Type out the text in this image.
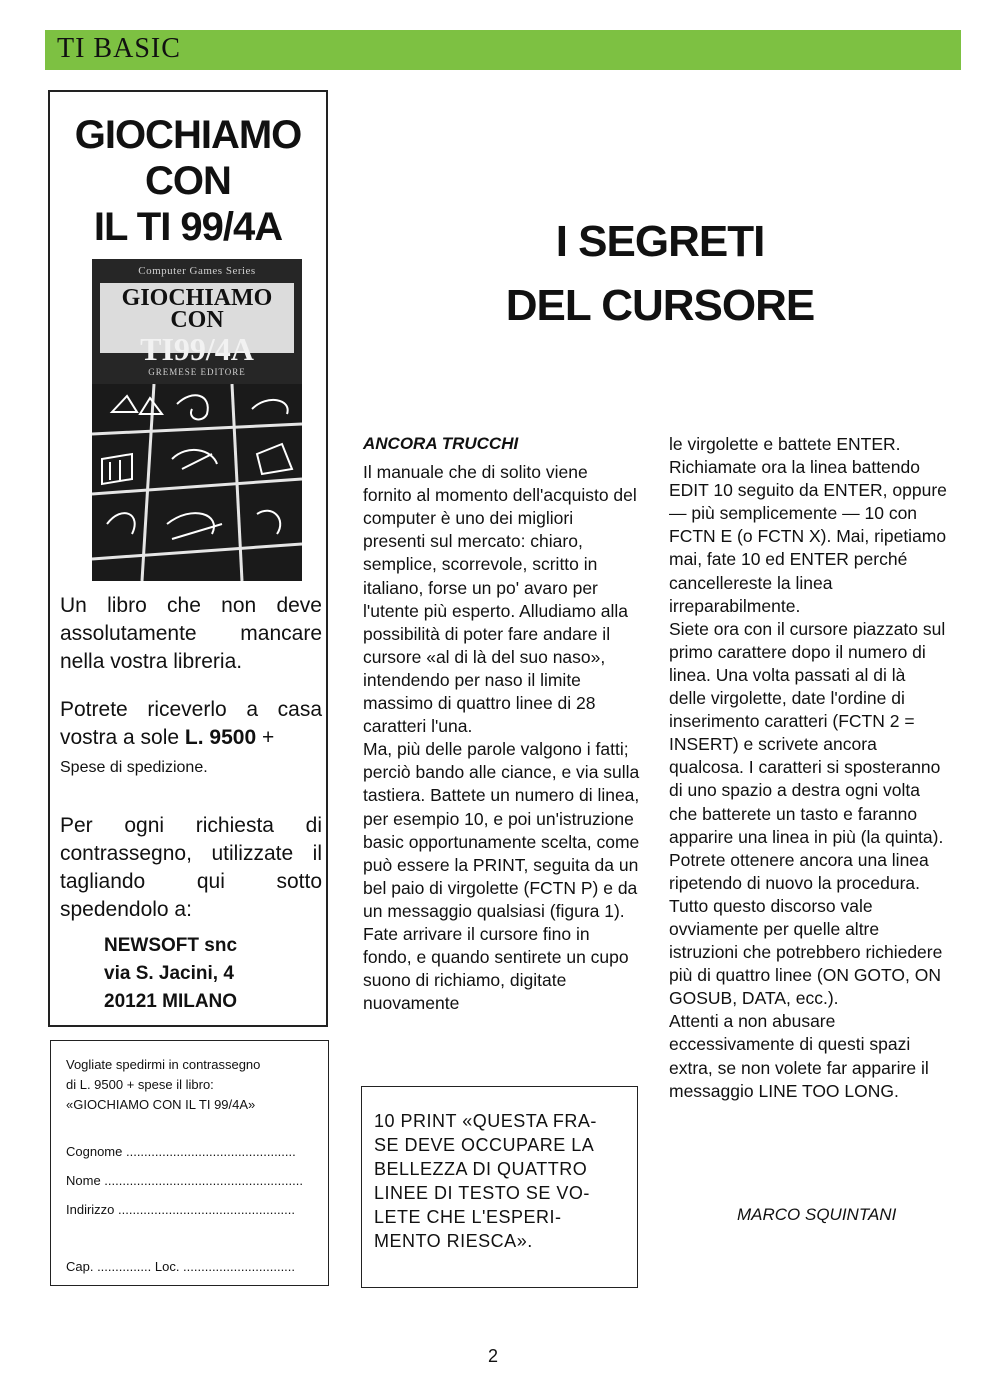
TI BASIC
GIOCHIAMO
CON
IL TI 99/4A
Computer Games Series
GIOCHIAMO
CON
TI99/4A
GREMESE EDITORE
Un libro che non deve assolutamente mancare nella vostra libreria.
Potrete riceverlo a casa vostra a sole L. 9500 +
Spese di spedizione.
Per ogni richiesta di contrassegno, utilizzate il tagliando qui sotto spedendolo a:
NEWSOFT snc
via S. Jacini, 4
20121 MILANO
Vogliate spedirmi in contrassegno
di L. 9500 + spese il libro:
«GIOCHIAMO CON IL TI 99/4A»
Cognome ...............................................
Nome .......................................................
Indirizzo .................................................
Cap. ............... Loc. ...............................
I SEGRETI
DEL CURSORE

ANCORA TRUCCHI

Il manuale che di solito viene fornito al momento dell'acquisto del computer è uno dei migliori presenti sul mercato: chiaro, semplice, scorrevole, scritto in italiano, forse un po' avaro per l'utente più esperto. Alludiamo alla possibilità di poter fare andare il cursore «al di là del suo naso», intendendo per naso il limite massimo di quattro linee di 28 caratteri l'una.

Ma, più delle parole valgono i fatti; perciò bando alle ciance, e via sulla tastiera. Battete un numero di linea, per esempio 10, e poi un'istruzione basic opportunamente scelta, come può essere la PRINT, seguita da un bel paio di virgolette (FCTN P) e da un messaggio qualsiasi (figura 1). Fate arrivare il cursore fino in fondo, e quando sentirete un cupo suono di richiamo, digitate nuovamente

10 PRINT «QUESTA FRA-
SE DEVE OCCUPARE LA
BELLEZZA DI QUATTRO
LINEE DI TESTO SE VO-
LETE CHE L'ESPERI-
MENTO RIESCA».

le virgolette e battete ENTER. Richiamate ora la linea battendo EDIT 10 seguito da ENTER, oppure — più semplicemente — 10 con FCTN E (o FCTN X). Mai, ripetiamo mai, fate 10 ed ENTER perché cancellereste la linea irreparabilmente.

Siete ora con il cursore piazzato sul primo carattere dopo il numero di linea. Una volta passati al di là delle virgolette, date l'ordine di inserimento caratteri (FCTN 2 = INSERT) e scrivete ancora qualcosa. I caratteri si sposteranno di uno spazio a destra ogni volta che batterete un tasto e faranno apparire una linea in più (la quinta). Potrete ottenere ancora una linea ripetendo di nuovo la procedura.

Tutto questo discorso vale ovviamente per quelle altre istruzioni che potrebbero richiedere più di quattro linee (ON GOTO, ON GOSUB, DATA, ecc.).

Attenti a non abusare eccessivamente di questi spazi extra, se non volete far apparire il messaggio LINE TOO LONG.

MARCO SQUINTANI
2
